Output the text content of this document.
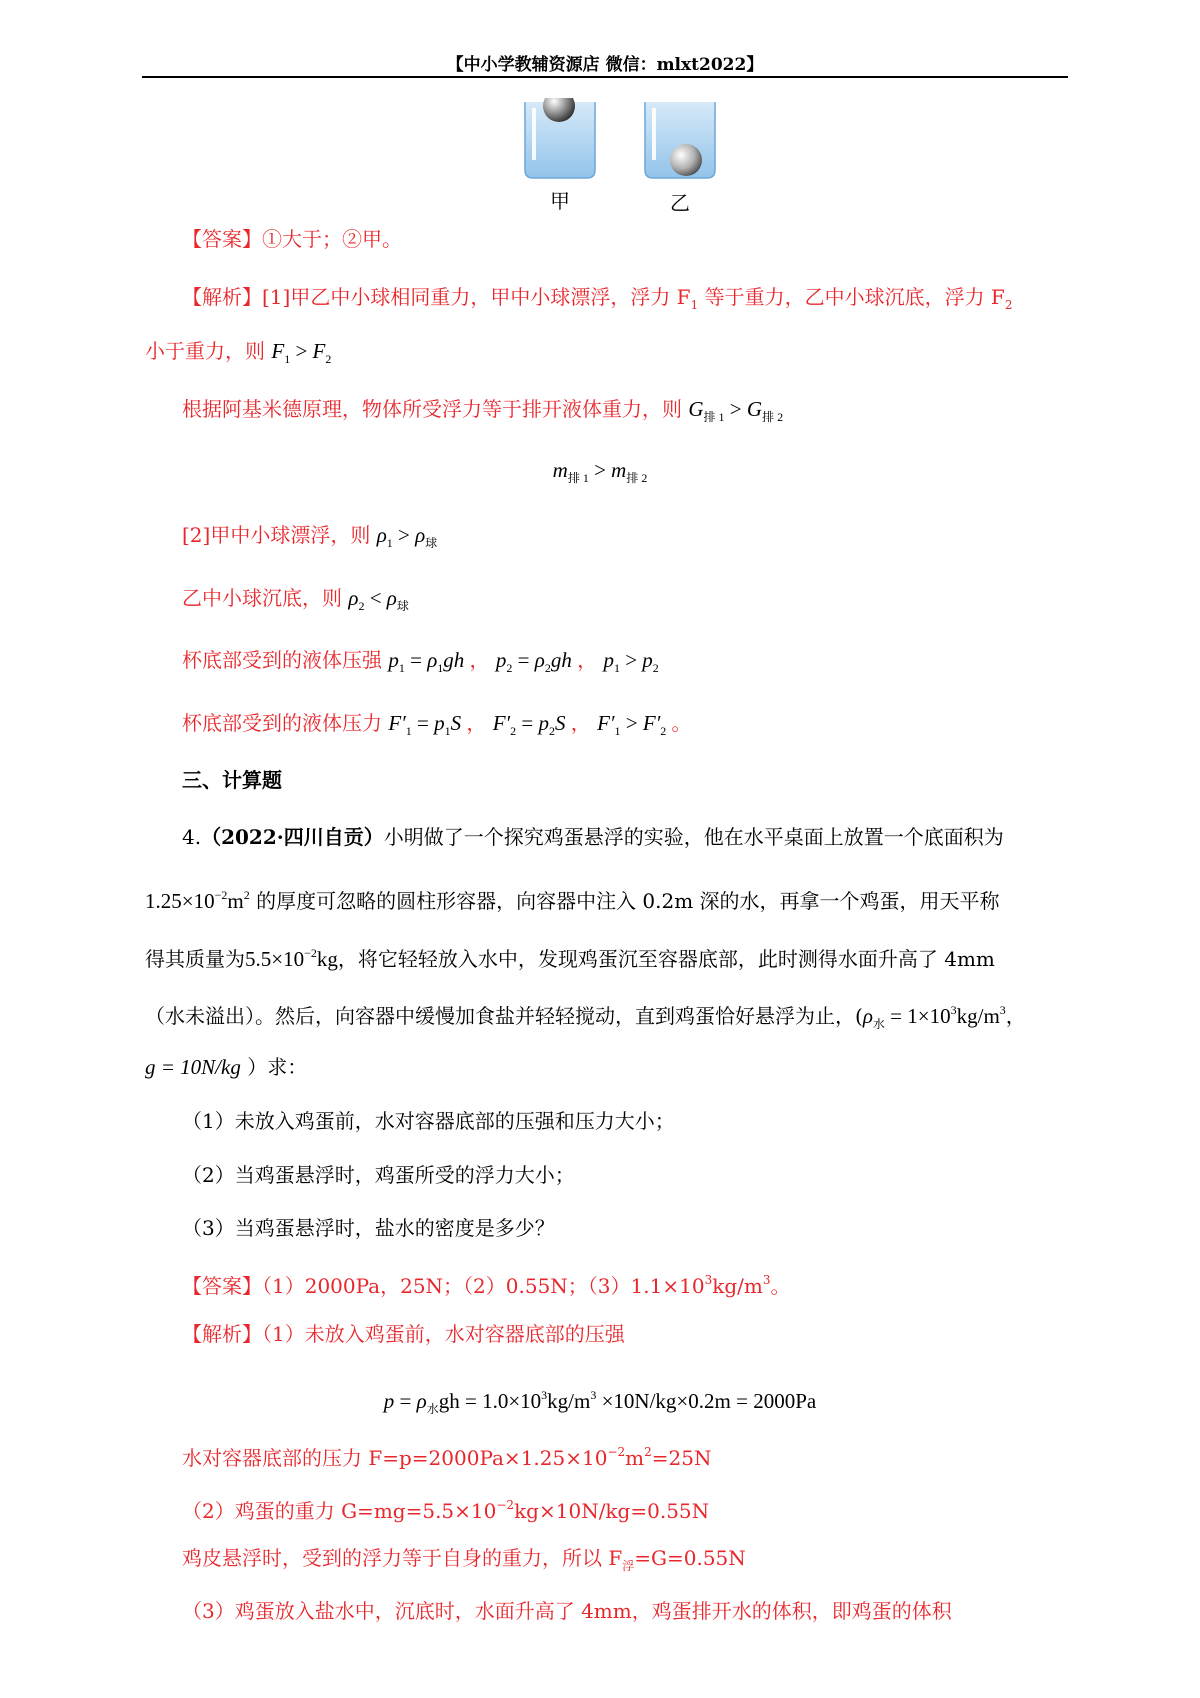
【中小学教辅资源店 微信：mlxt2022】
甲	乙
【答案】①大于；②甲。
【解析】[1]甲乙中小球相同重力，甲中小球漂浮，浮力 $F_1$ 等于重力，乙中小球沉底，浮力 $F_2$
小于重力，则 $F_1 > F_2$
根据阿基米德原理，物体所受浮力等于排开液体重力，则 $G_{排 1} > G_{排 2}$
$m_{排 1} > m_{排 2}$
[2]甲中小球漂浮，则 $\rho_1 > \rho_球$
乙中小球沉底，则 $\rho_2 < \rho_球$
杯底部受到的液体压强 $p_1 = \rho_1gh$ ， $p_2 = \rho_2gh$ ， $p_1 > p_2$
杯底部受到的液体压力 $F'_1 = p_1S$ ， $F'_2 = p_2S$ ， $F'_1 > F'_2$ 。
三、计算题
4.（2022·四川自贡）小明做了一个探究鸡蛋悬浮的实验，他在水平桌面上放置一个底面积为
$1.25\times 10^{-2}m^2$ 的厚度可忽略的圆柱形容器，向容器中注入 0.2m 深的水，再拿一个鸡蛋，用天平称
得其质量为$5.5\times 10^{-2}kg$，将它轻轻放入水中，发现鸡蛋沉至容器底部，此时测得水面升高了 4mm
（水未溢出）。然后，向容器中缓慢加食盐并轻轻搅动，直到鸡蛋恰好悬浮为止，($\rho_水 = 1\times 10^3kg/m^3$，
g = 10N/kg ）求：
（1）未放入鸡蛋前，水对容器底部的压强和压力大小；
（2）当鸡蛋悬浮时，鸡蛋所受的浮力大小；
（3）当鸡蛋悬浮时，盐水的密度是多少？
【答案】（1）2000Pa，25N；（2）0.55N；$(3)1.1\times 10^3kg/m^3$。
【解析】（1）未放入鸡蛋前，水对容器底部的压强
$p = \rho_水gh = 1.0\times 10^3kg/m^3 \times 10N/kg\times 0.2m = 2000Pa$
水对容器底部的压力 $F=p=2000Pa\times 1.25\times 10^{-2}m^2=25N$
（2）鸡蛋的重力 $G=mg=5.5\times 10^{-2}kg\times 10N/kg=0.55N$
鸡皮悬浮时，受到的浮力等于自身的重力，所以 $F_浮=G=0.55N$
（3）鸡蛋放入盐水中，沉底时，水面升高了 4mm，鸡蛋排开水的体积，即鸡蛋的体积
